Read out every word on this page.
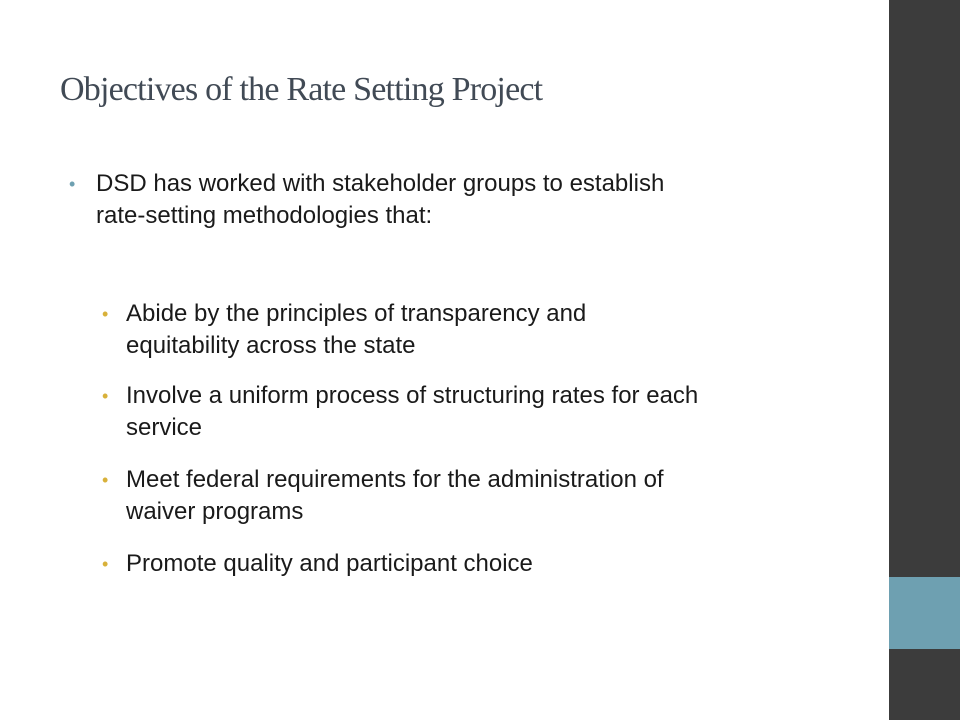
Objectives of the Rate Setting Project
• DSD has worked with stakeholder groups to establish
rate-setting methodologies that:
• Abide by the principles of transparency and
equitability across the state
• Involve a uniform process of structuring rates for each
service
• Meet federal requirements for the administration of
waiver programs
• Promote quality and participant choice
